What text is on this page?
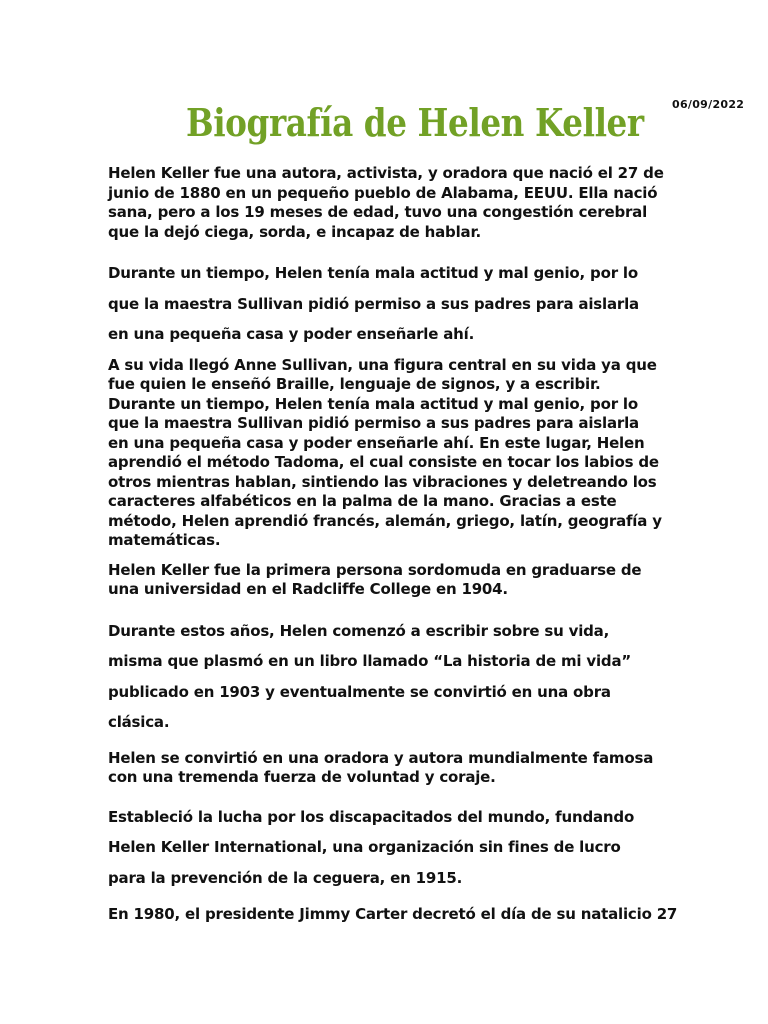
06/09/2022
Biografía de Helen Keller
Helen Keller fue una autora, activista, y oradora que nació el 27 de
junio de 1880 en un pequeño pueblo de Alabama, EEUU. Ella nació
sana, pero a los 19 meses de edad, tuvo una congestión cerebral
que la dejó ciega, sorda, e incapaz de hablar.
Durante un tiempo, Helen tenía mala actitud y mal genio, por lo
que la maestra Sullivan pidió permiso a sus padres para aislarla
en una pequeña casa y poder enseñarle ahí.
A su vida llegó Anne Sullivan, una figura central en su vida ya que
fue quien le enseñó Braille, lenguaje de signos, y a escribir.
Durante un tiempo, Helen tenía mala actitud y mal genio, por lo
que la maestra Sullivan pidió permiso a sus padres para aislarla
en una pequeña casa y poder enseñarle ahí. En este lugar, Helen
aprendió el método Tadoma, el cual consiste en tocar los labios de
otros mientras hablan, sintiendo las vibraciones y deletreando los
caracteres alfabéticos en la palma de la mano. Gracias a este
método, Helen aprendió francés, alemán, griego, latín, geografía y
matemáticas.
Helen Keller fue la primera persona sordomuda en graduarse de
una universidad en el Radcliffe College en 1904.
Durante estos años, Helen comenzó a escribir sobre su vida,
misma que plasmó en un libro llamado “La historia de mi vida”
publicado en 1903 y eventualmente se convirtió en una obra
clásica.
Helen se convirtió en una oradora y autora mundialmente famosa
con una tremenda fuerza de voluntad y coraje.
Estableció la lucha por los discapacitados del mundo, fundando
Helen Keller International, una organización sin fines de lucro
para la prevención de la ceguera, en 1915.
En 1980, el presidente Jimmy Carter decretó el día de su natalicio 27
